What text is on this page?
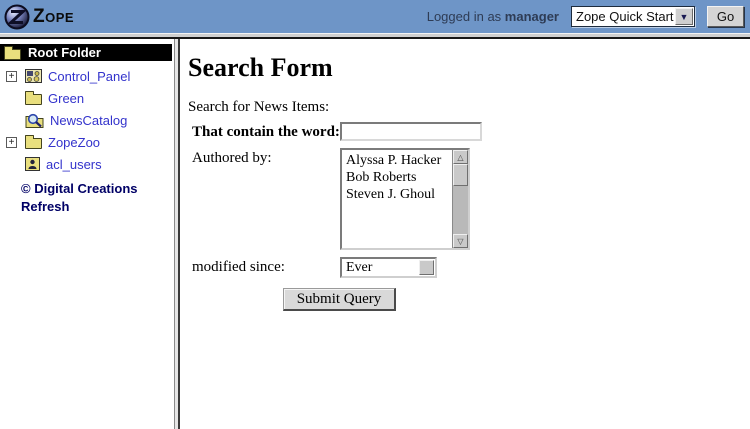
ZOPE	Logged in as manager	Zope Quick Start ▼	Go
Root Folder
+	Control_Panel
Green
NewsCatalog
+	ZopeZoo
acl_users
© Digital Creations
Refresh
Search Form
Search for News Items:
That contain the word:
Authored by:	Alyssa P. Hacker
Bob Roberts
Steven J. Ghoul
△
▽
modified since:	Ever
Submit Query
